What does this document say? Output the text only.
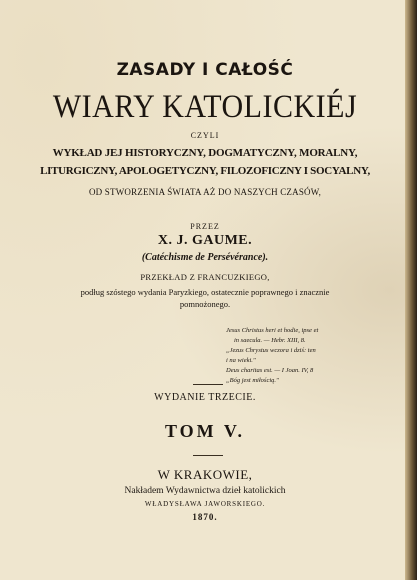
ZASADY I CAŁOŚĆ
WIARY KATOLICKIÉJ
CZYLI
WYKŁAD JEJ HISTORYCZNY, DOGMATYCZNY, MORALNY,
LITURGICZNY, APOLOGETYCZNY, FILOZOFICZNY I SOCYALNY,
OD STWORZENIA ŚWIATA AŻ DO NASZYCH CZASÓW,
PRZEZ
X. J. GAUME.
(Catéchisme de Persévérance).
PRZEKŁAD Z FRANCUZKIEGO,
podług szóstego wydania Paryzkiego, ostatecznie poprawnego i znacznie
pomnożonego.
Jesus Christus heri et hodie, ipse et
in saecula. — Hebr. XIII, 8.
„Jezus Chrystus wczora i dziś: ten
i na wieki."
Deus charitas est. — I Joan. IV, 8
„Bóg jest miłością."
WYDANIE TRZECIE.
TOM V.
W KRAKOWIE,
Nakładem Wydawnictwa dzieł katolickich
WŁADYSŁAWA JAWORSKIEGO.
1870.
